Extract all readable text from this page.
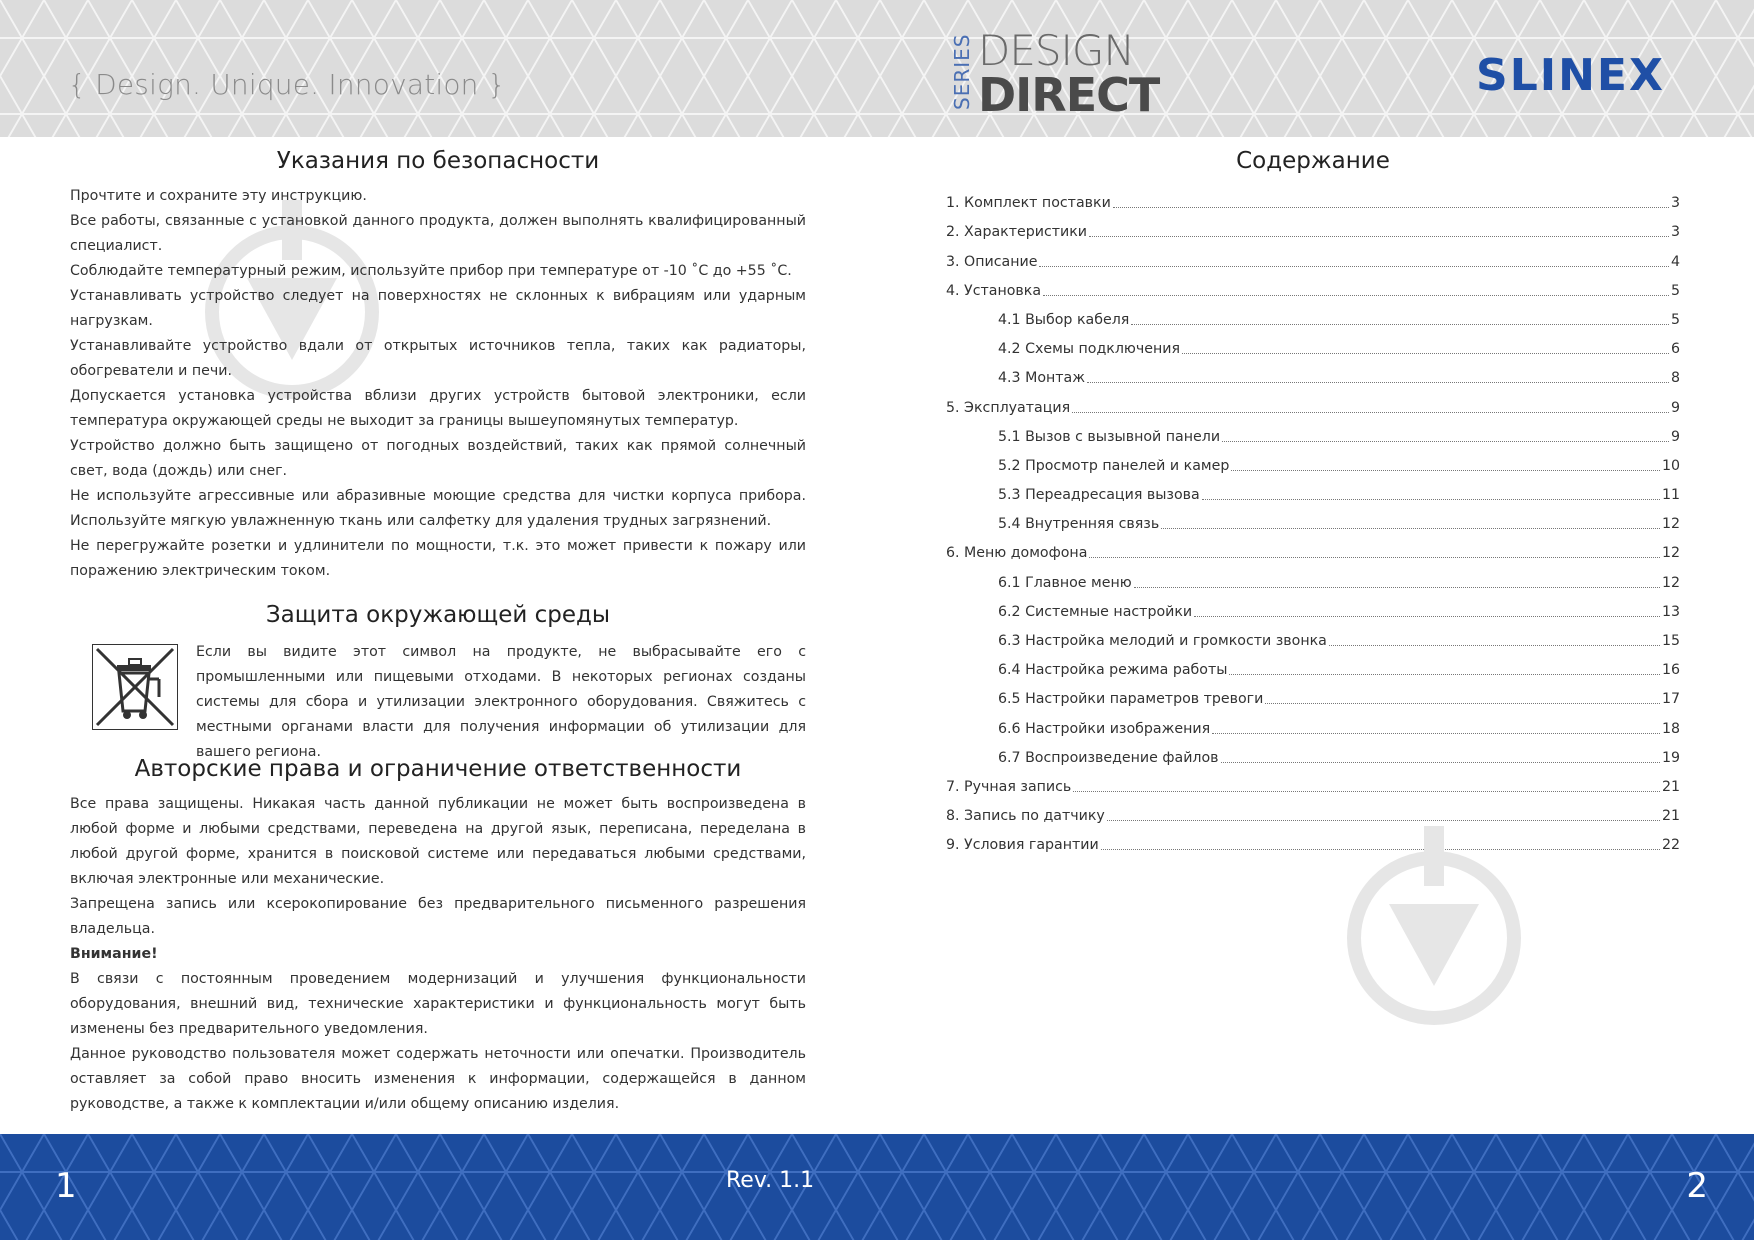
{ Design. Unique. Innovation }	SERIES DESIGN
DIRECT	SLINEX
Указания по безопасности

Прочтите и сохраните эту инструкцию.

Все работы, связанные с установкой данного продукта, должен выполнять квалифицированный специалист.

Соблюдайте температурный режим, используйте прибор при температуре от -10 ˚С до +55 ˚С.

Устанавливать устройство следует на поверхностях не склонных к вибрациям или ударным нагрузкам.

Устанавливайте устройство вдали от открытых источников тепла, таких как радиаторы, обогреватели и печи.

Допускается установка устройства вблизи других устройств бытовой электроники, если температура окружающей среды не выходит за границы вышеупомянутых температур.

Устройство должно быть защищено от погодных воздействий, таких как прямой солнечный свет, вода (дождь) или снег.

Не используйте агрессивные или абразивные моющие средства для чистки корпуса прибора. Используйте мягкую увлажненную ткань или салфетку для удаления трудных загрязнений.

Не перегружайте розетки и удлинители по мощности, т.к. это может привести к пожару или поражению электрическим током.

Защита окружающей среды

Если вы видите этот символ на продукте, не выбрасывайте его с промышленными или пищевыми отходами. В некоторых регионах созданы системы для сбора и утилизации электронного оборудования. Свяжитесь с местными органами власти для получения информации об утилизации для вашего региона.

Авторские права и ограничение ответственности

Все права защищены. Никакая часть данной публикации не может быть воспроизведена в любой форме и любыми средствами, переведена на другой язык, переписана, переделана в любой другой форме, хранится в поисковой системе или передаваться любыми средствами, включая электронные или механические.

Запрещена запись или ксерокопирование без предварительного письменного разрешения владельца.

Внимание!

В связи с постоянным проведением модернизаций и улучшения функциональности оборудования, внешний вид, технические характеристики и функциональность могут быть изменены без предварительного уведомления.

Данное руководство пользователя может содержать неточности или опечатки. Производитель оставляет за собой право вносить изменения к информации, содержащейся в данном руководстве, а также к комплектации и/или общему описанию изделия.

Содержание
1. Комплект поставки	3
2. Характеристики	3
3. Описание	4
4. Установка	5
4.1 Выбор кабеля	5
4.2 Схемы подключения	6
4.3 Монтаж	8
5. Эксплуатация	9
5.1 Вызов с вызывной панели	9
5.2 Просмотр панелей и камер	10
5.3 Переадресация вызова	11
5.4 Внутренняя связь	12
6. Меню домофона	12
6.1 Главное меню	12
6.2 Системные настройки	13
6.3 Настройка мелодий и громкости звонка	15
6.4 Настройка режима работы	16
6.5 Настройки параметров тревоги	17
6.6 Настройки изображения	18
6.7 Воспроизведение файлов	19
7. Ручная запись	21
8. Запись по датчику	21
9. Условия гарантии	22
1	Rev. 1.1	2
